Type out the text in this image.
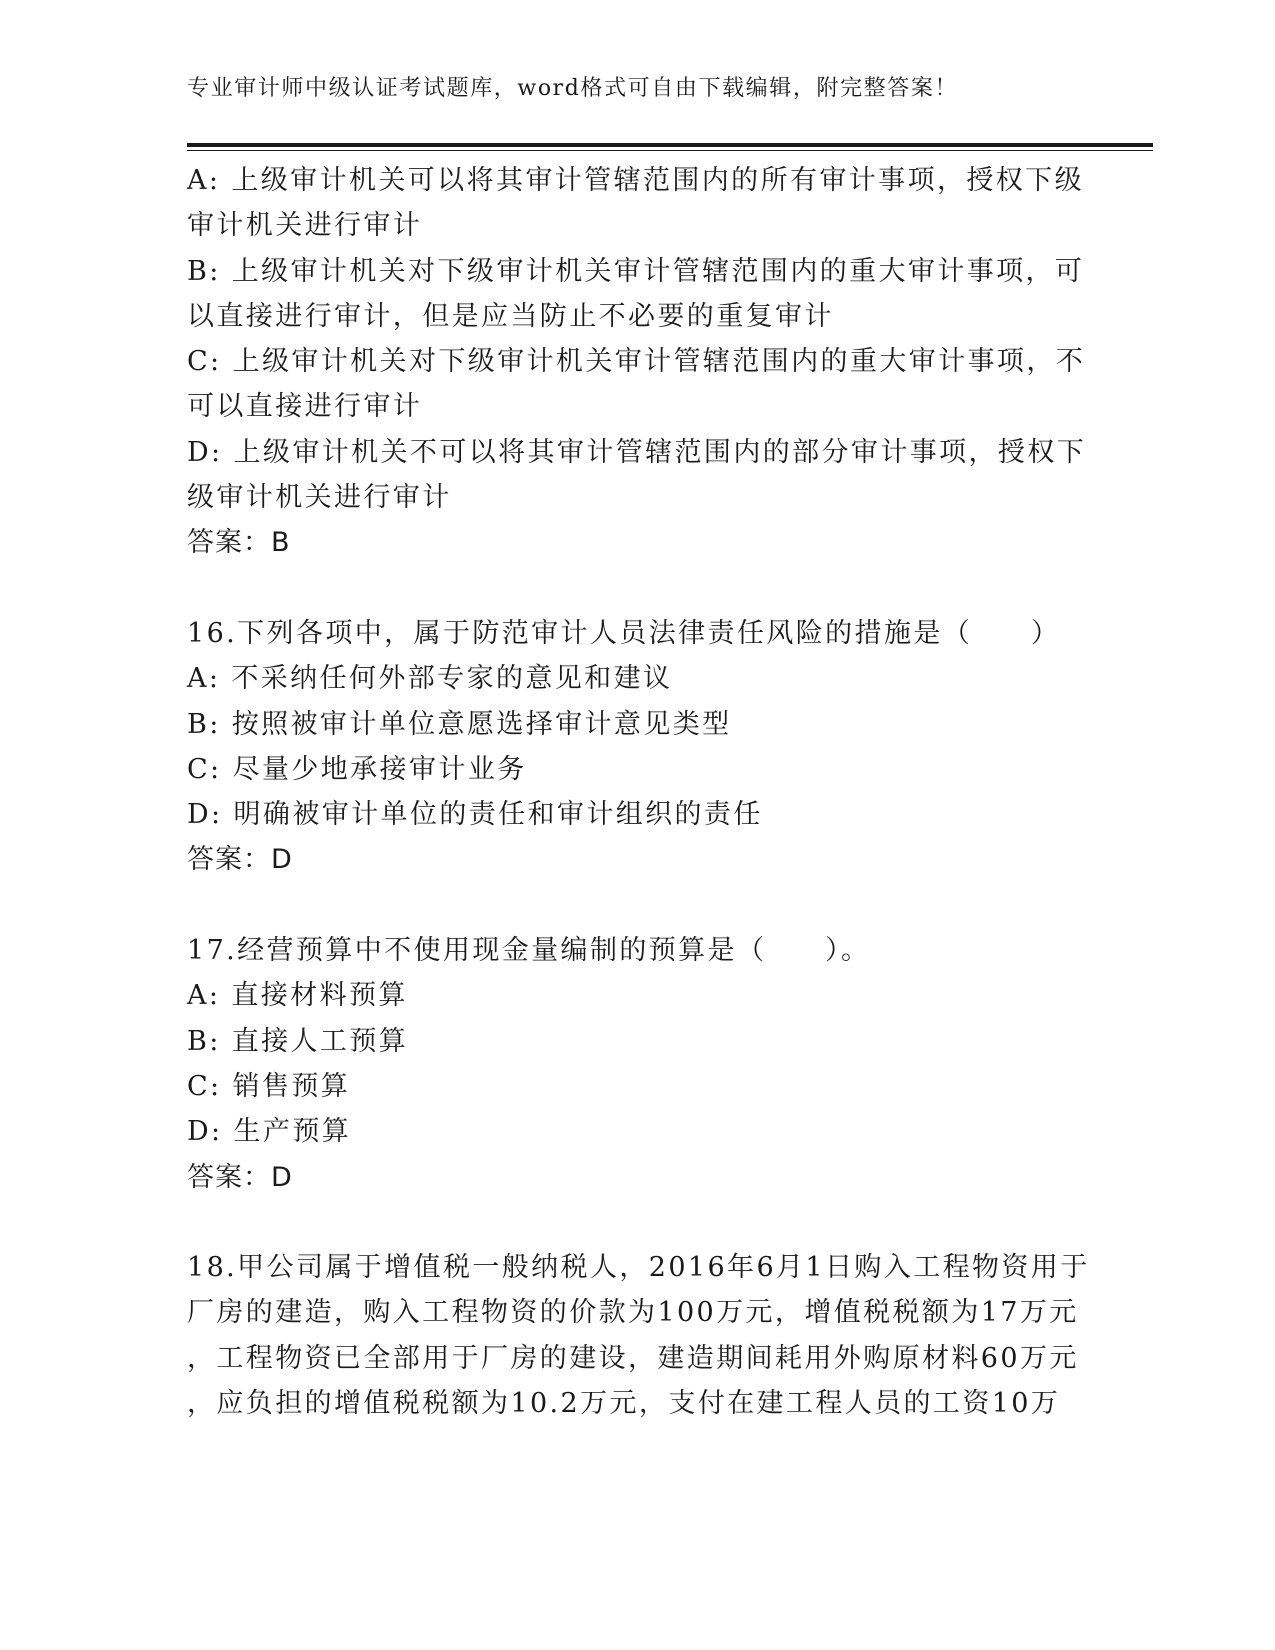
专业审计师中级认证考试题库，word格式可自由下载编辑，附完整答案！
A: 上级审计机关可以将其审计管辖范围内的所有审计事项，授权下级
审计机关进行审计
B: 上级审计机关对下级审计机关审计管辖范围内的重大审计事项，可
以直接进行审计，但是应当防止不必要的重复审计
C: 上级审计机关对下级审计机关审计管辖范围内的重大审计事项，不
可以直接进行审计
D: 上级审计机关不可以将其审计管辖范围内的部分审计事项，授权下
级审计机关进行审计
答案：B
16.下列各项中，属于防范审计人员法律责任风险的措施是（　　）
A: 不采纳任何外部专家的意见和建议
B: 按照被审计单位意愿选择审计意见类型
C: 尽量少地承接审计业务
D: 明确被审计单位的责任和审计组织的责任
答案：D
17.经营预算中不使用现金量编制的预算是（　　）。
A: 直接材料预算
B: 直接人工预算
C: 销售预算
D: 生产预算
答案：D
18.甲公司属于增值税一般纳税人，2016年6月1日购入工程物资用于
厂房的建造，购入工程物资的价款为100万元，增值税税额为17万元
，工程物资已全部用于厂房的建设，建造期间耗用外购原材料60万元
，应负担的增值税税额为10.2万元，支付在建工程人员的工资10万
